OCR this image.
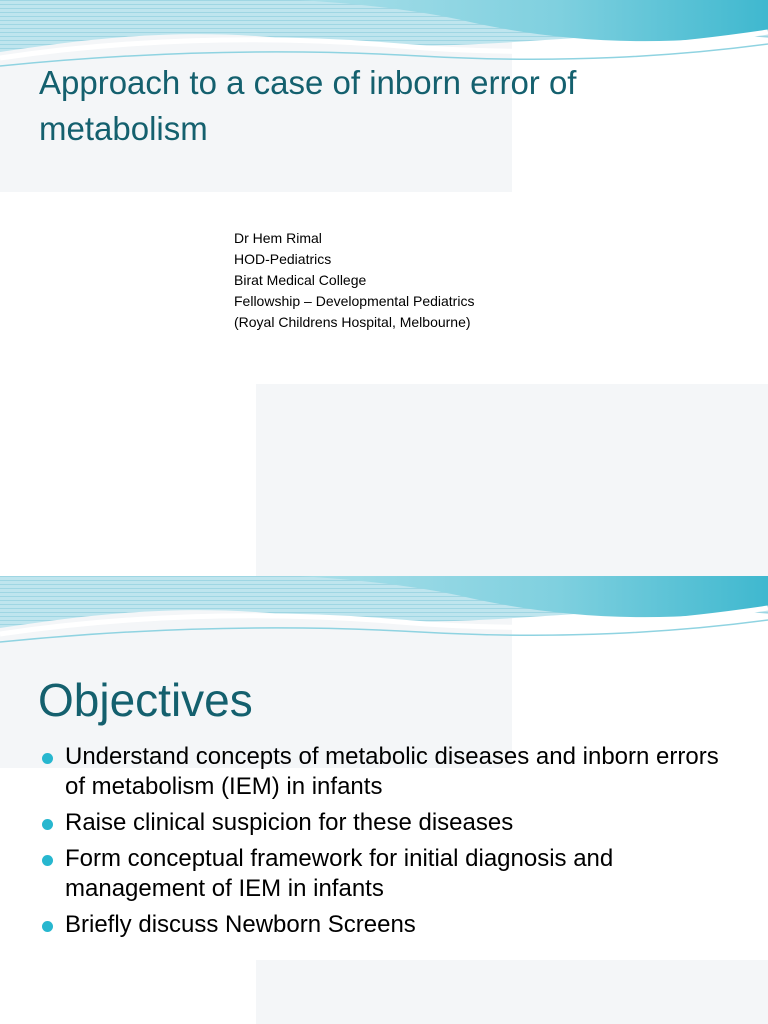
Approach to a case of inborn error of metabolism
Dr Hem Rimal
HOD-Pediatrics
Birat Medical College
Fellowship – Developmental Pediatrics
(Royal Childrens Hospital, Melbourne)
Objectives
Understand concepts of metabolic diseases and inborn errors of metabolism (IEM) in infants
Raise clinical suspicion for these diseases
Form conceptual framework for initial diagnosis and management of IEM in infants
Briefly discuss Newborn Screens
